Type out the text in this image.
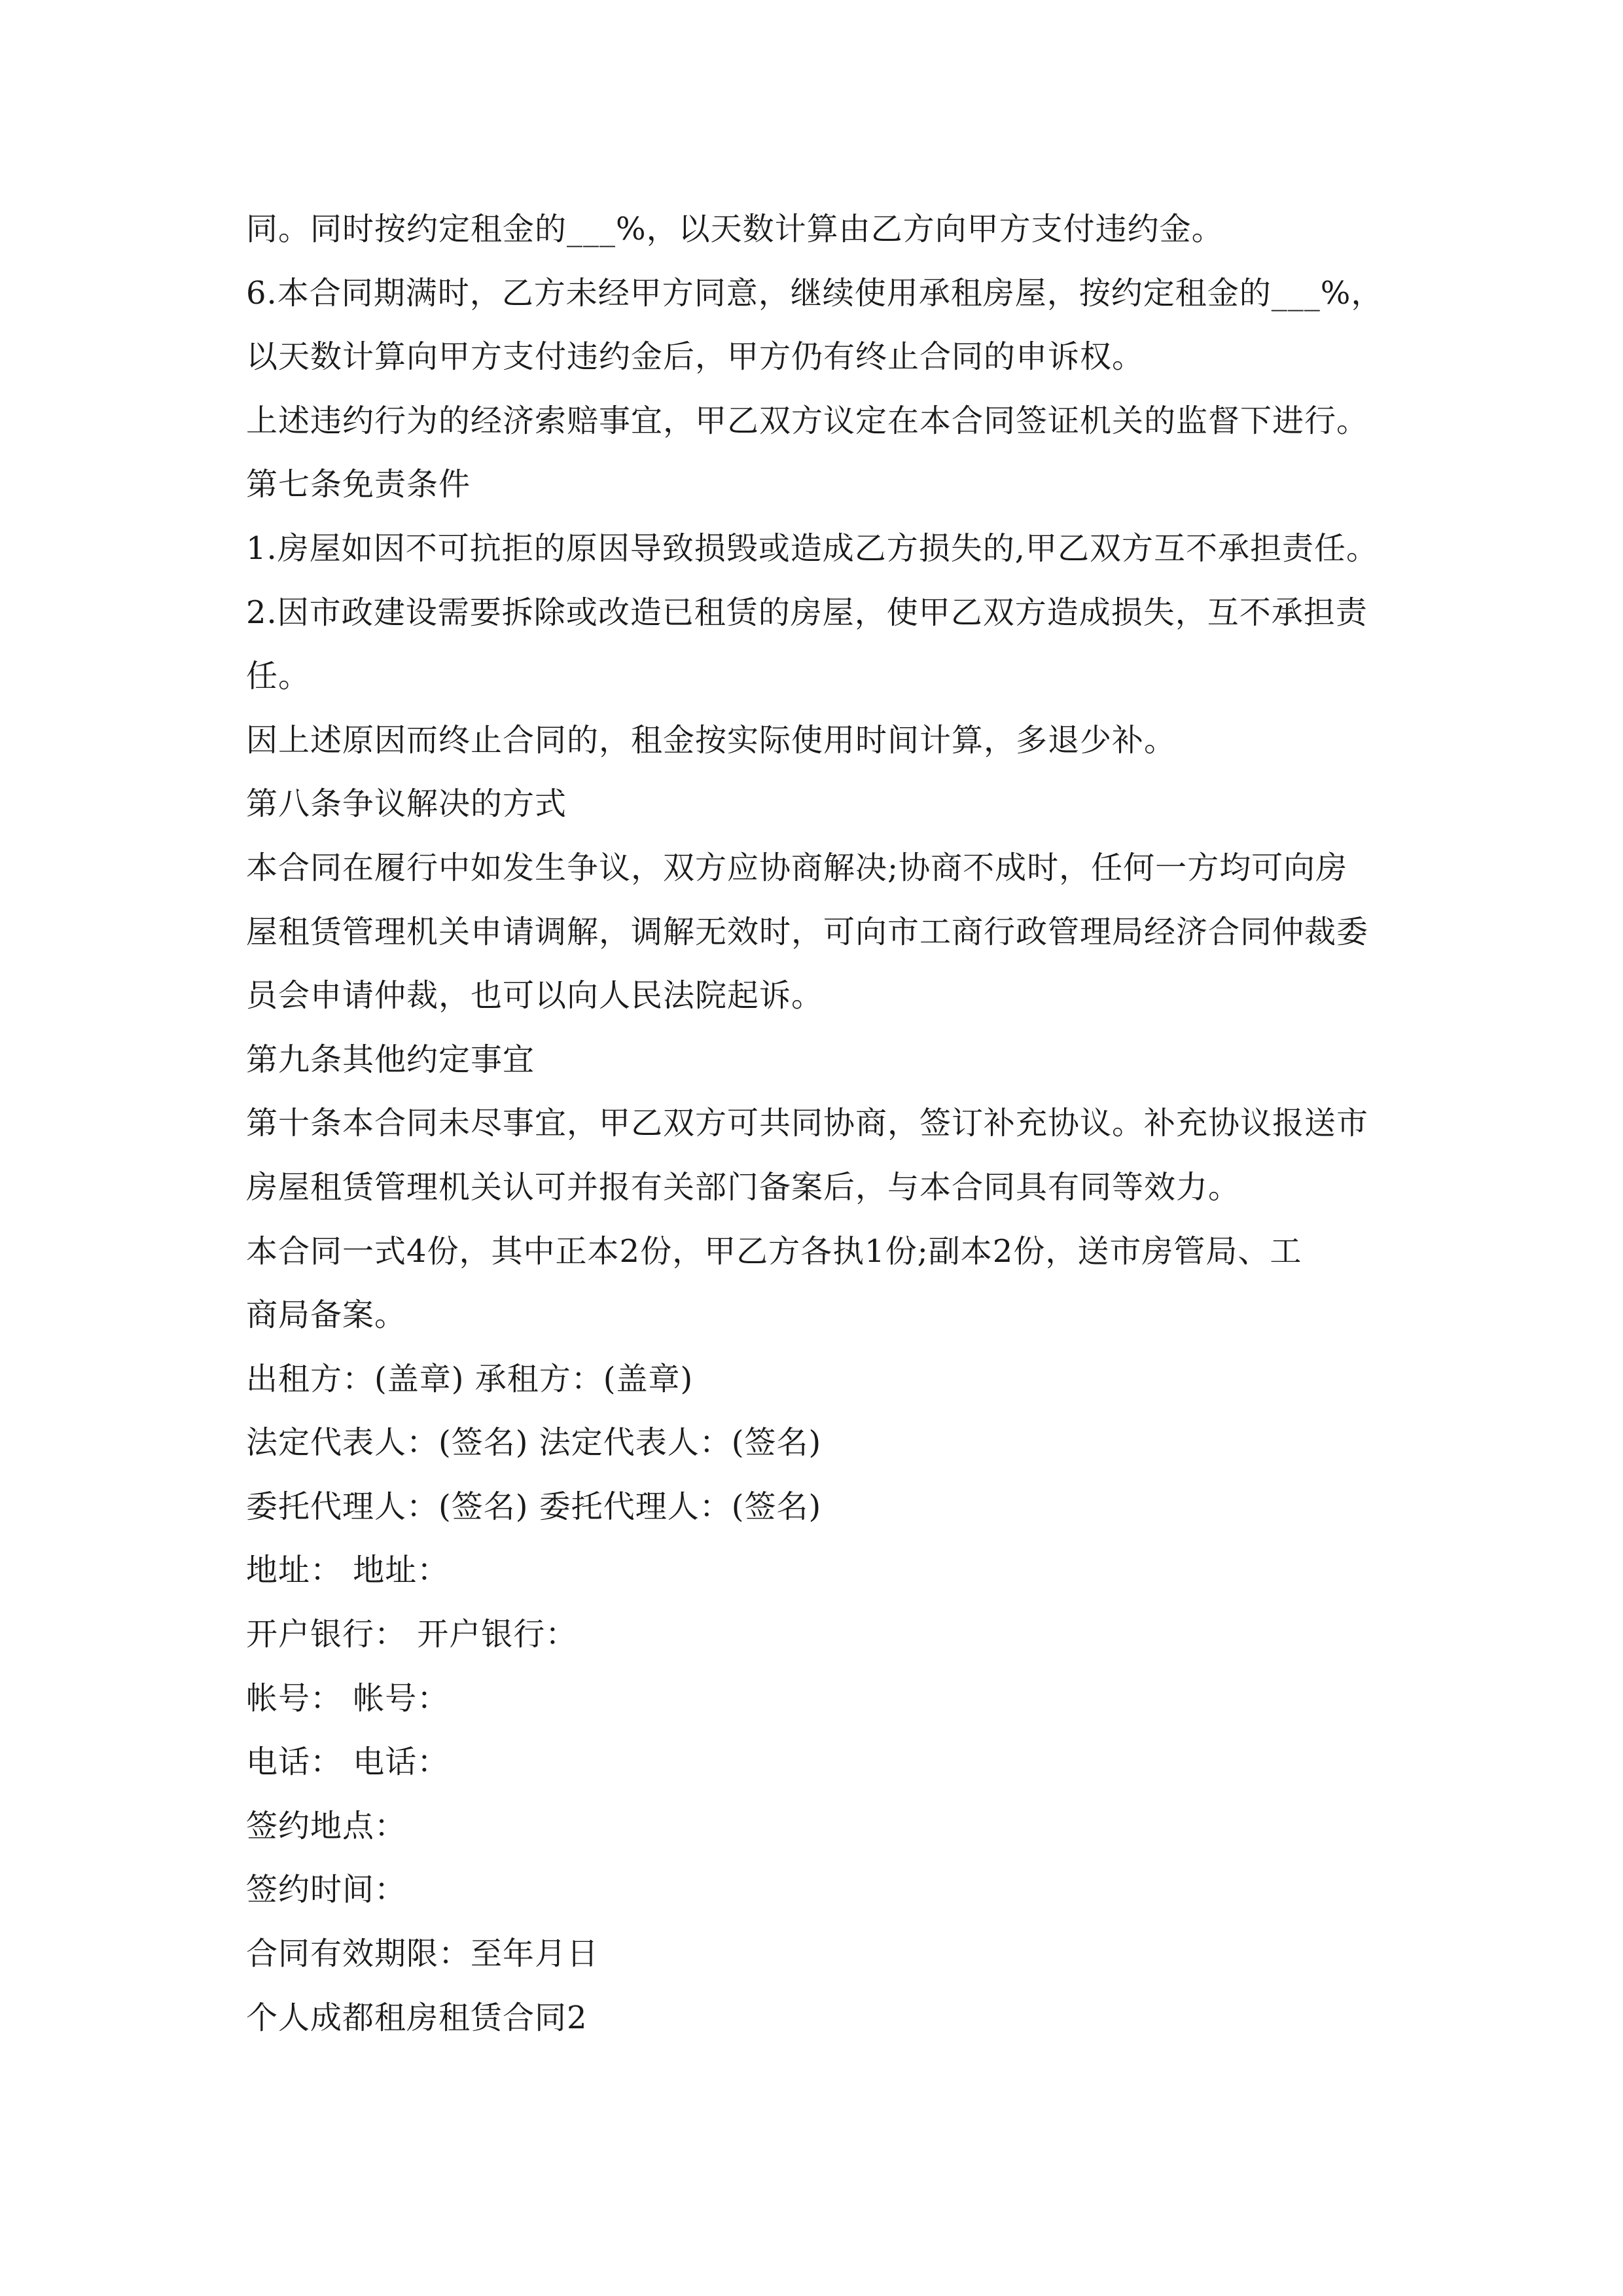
同。同时按约定租金的___%，以天数计算由乙方向甲方支付违约金。

6.本合同期满时，乙方未经甲方同意，继续使用承租房屋，按约定租金的___%，

以天数计算向甲方支付违约金后，甲方仍有终止合同的申诉权。

上述违约行为的经济索赔事宜，甲乙双方议定在本合同签证机关的监督下进行。

第七条免责条件

1.房屋如因不可抗拒的原因导致损毁或造成乙方损失的,甲乙双方互不承担责任。

2.因市政建设需要拆除或改造已租赁的房屋，使甲乙双方造成损失，互不承担责

任。

因上述原因而终止合同的，租金按实际使用时间计算，多退少补。

第八条争议解决的方式

本合同在履行中如发生争议，双方应协商解决;协商不成时，任何一方均可向房

屋租赁管理机关申请调解，调解无效时，可向市工商行政管理局经济合同仲裁委

员会申请仲裁，也可以向人民法院起诉。

第九条其他约定事宜

第十条本合同未尽事宜，甲乙双方可共同协商，签订补充协议。补充协议报送市

房屋租赁管理机关认可并报有关部门备案后，与本合同具有同等效力。

本合同一式4份，其中正本2份，甲乙方各执1份;副本2份，送市房管局、工

商局备案。

出租方：(盖章) 承租方：(盖章)

法定代表人：(签名) 法定代表人：(签名)

委托代理人：(签名) 委托代理人：(签名)

地址： 地址：

开户银行： 开户银行：

帐号： 帐号：

电话： 电话：

签约地点：

签约时间：

合同有效期限：至年月日

个人成都租房租赁合同2
